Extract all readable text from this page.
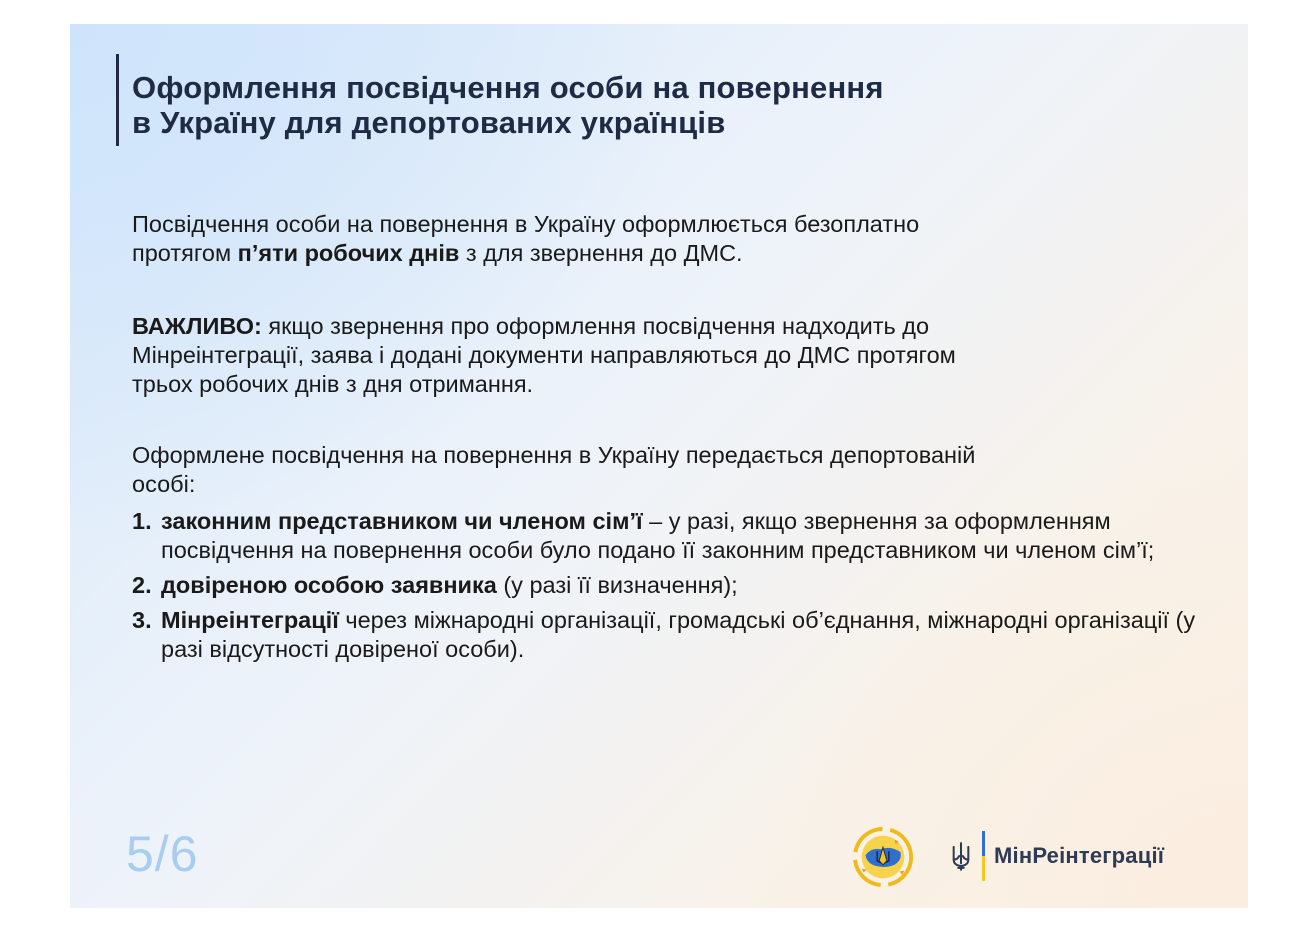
Оформлення посвідчення особи на повернення
в Україну для депортованих українців

Посвідчення особи на повернення в Україну оформлюється безоплатно
протягом п’яти робочих днів з для звернення до ДМС.

ВАЖЛИВО: якщо звернення про оформлення посвідчення надходить до
Мінреінтеграції, заява і додані документи направляються до ДМС протягом
трьох робочих днів з дня отримання.

Оформлене посвідчення на повернення в Україну передається депортованій
особі:

1. законним представником чи членом сім’ї – у разі, якщо звернення за оформленням посвідчення на повернення особи було подано її законним представником чи членом сім’ї;
2. довіреною особою заявника (у разі її визначення);
3. Мінреінтеграції через міжнародні організації, громадські об’єднання, міжнародні організації (у разі відсутності довіреної особи).
5/6	МінРеінтеграції
